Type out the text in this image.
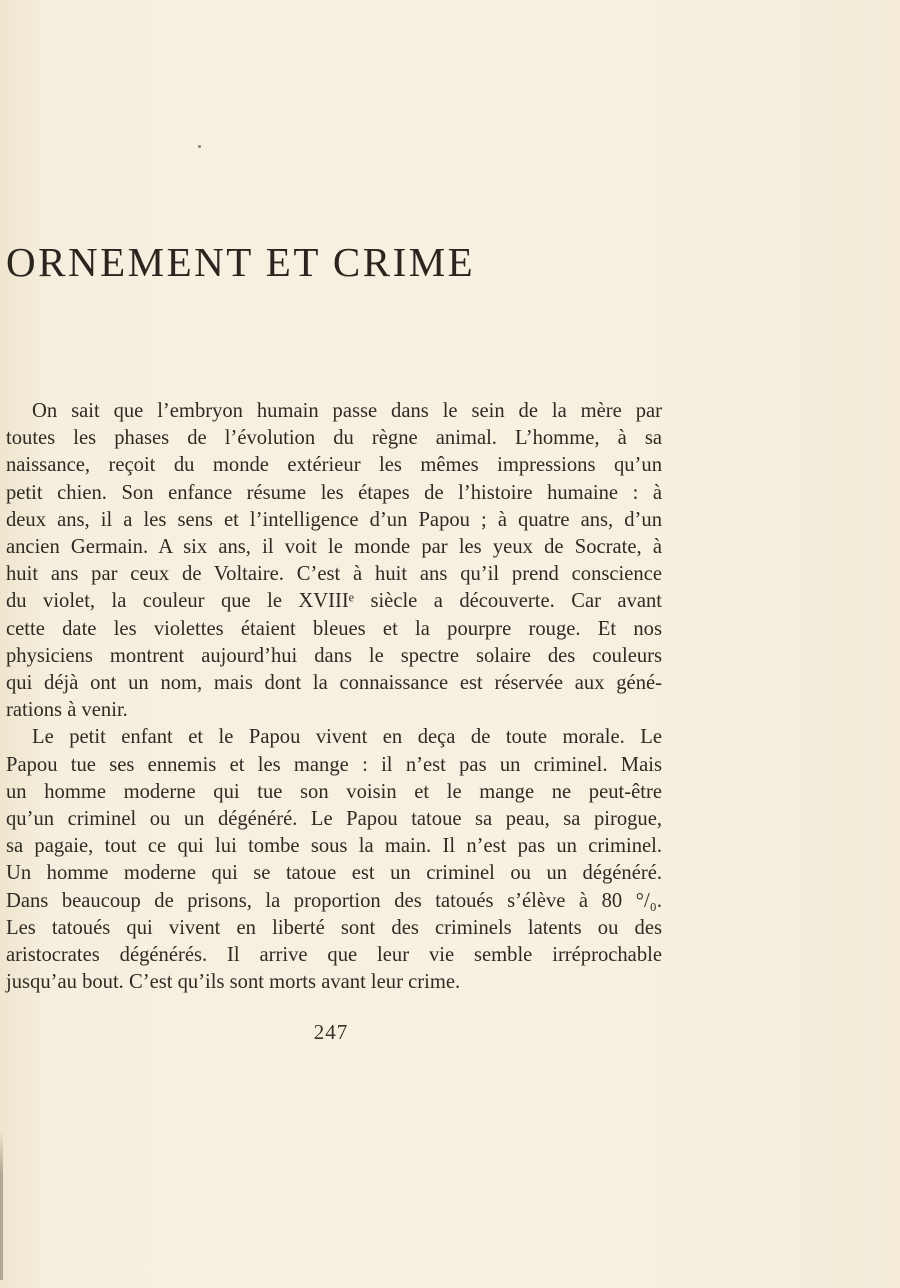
ORNEMENT ET CRIME

On sait que l’embryon humain passe dans le sein de la mère par
toutes les phases de l’évolution du règne animal. L’homme, à sa
naissance, reçoit du monde extérieur les mêmes impressions qu’un
petit chien. Son enfance résume les étapes de l’histoire humaine : à
deux ans, il a les sens et l’intelligence d’un Papou ; à quatre ans, d’un
ancien Germain. A six ans, il voit le monde par les yeux de Socrate, à
huit ans par ceux de Voltaire. C’est à huit ans qu’il prend conscience
du violet, la couleur que le XVIIIᵉ siècle a découverte. Car avant
cette date les violettes étaient bleues et la pourpre rouge. Et nos
physiciens montrent aujourd’hui dans le spectre solaire des couleurs
qui déjà ont un nom, mais dont la connaissance est réservée aux géné-
rations à venir.

Le petit enfant et le Papou vivent en deça de toute morale. Le
Papou tue ses ennemis et les mange : il n’est pas un criminel. Mais
un homme moderne qui tue son voisin et le mange ne peut-être
qu’un criminel ou un dégénéré. Le Papou tatoue sa peau, sa pirogue,
sa pagaie, tout ce qui lui tombe sous la main. Il n’est pas un criminel.
Un homme moderne qui se tatoue est un criminel ou un dégénéré.
Dans beaucoup de prisons, la proportion des tatoués s’élève à 80 °/₀.
Les tatoués qui vivent en liberté sont des criminels latents ou des
aristocrates dégénérés. Il arrive que leur vie semble irréprochable
jusqu’au bout. C’est qu’ils sont morts avant leur crime.

247
